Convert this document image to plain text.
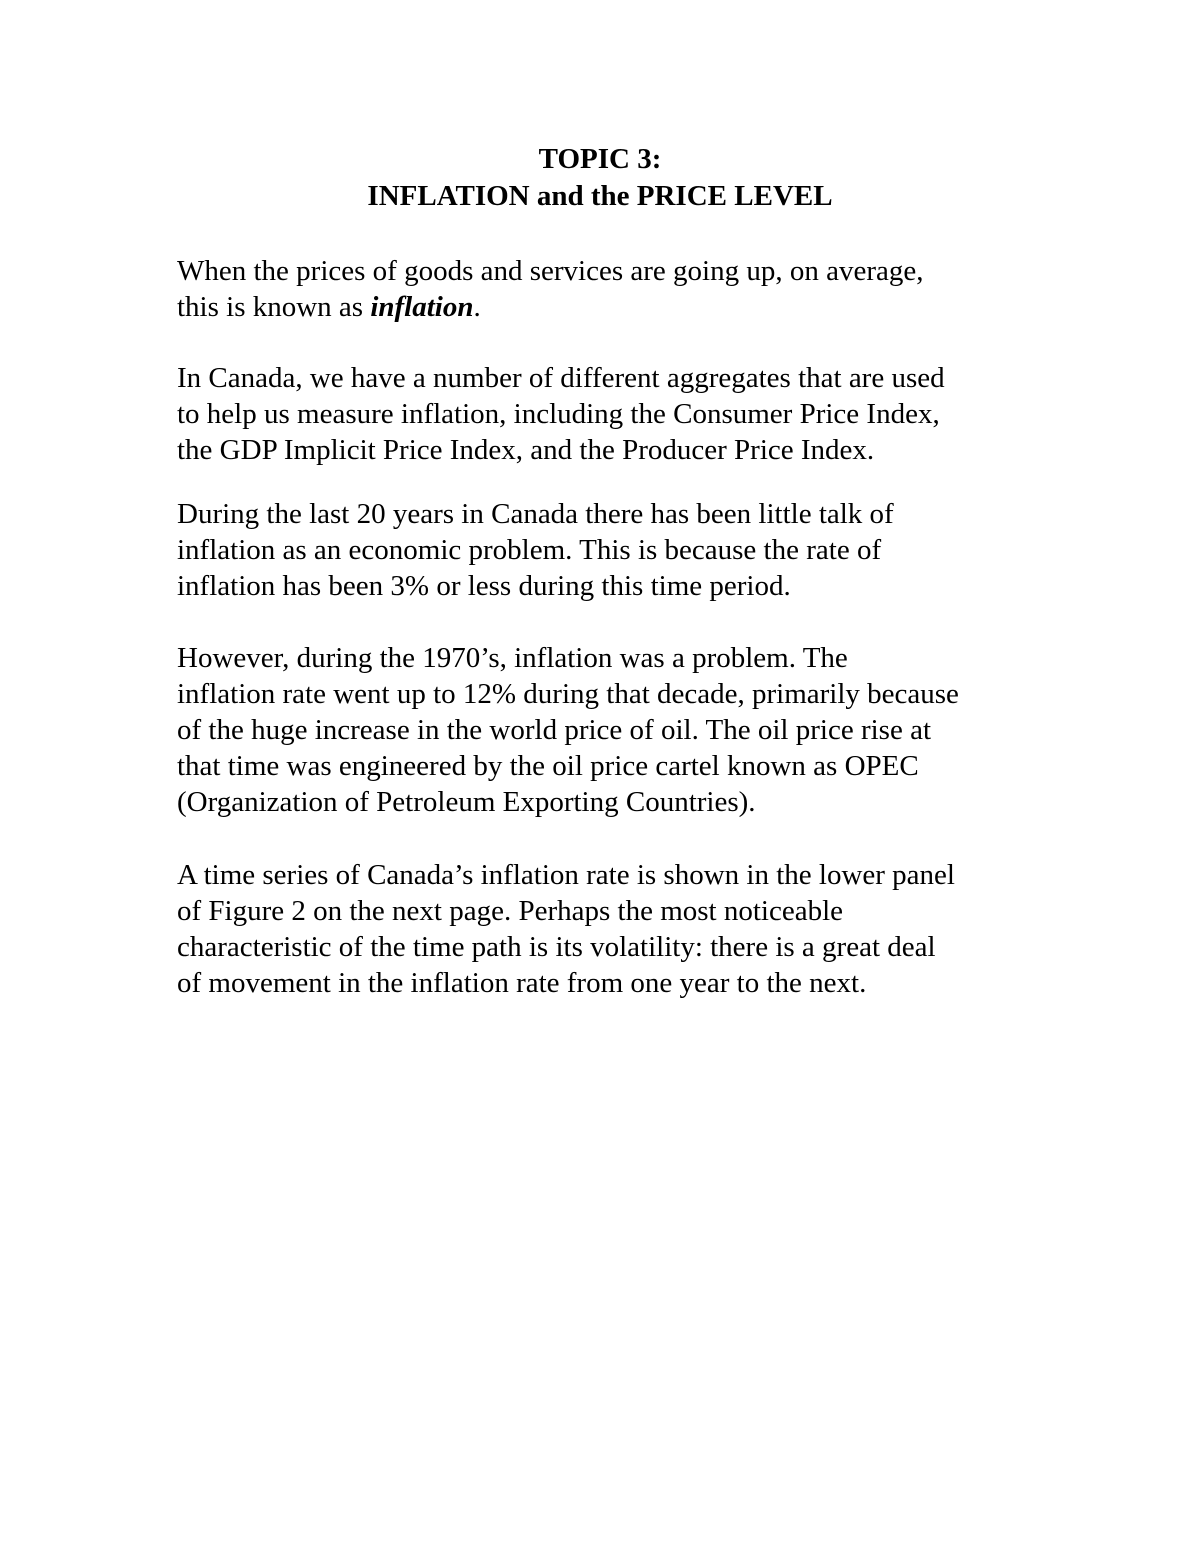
TOPIC 3:
INFLATION and the PRICE LEVEL

When the prices of goods and services are going up, on average,
this is known as inflation.

In Canada, we have a number of different aggregates that are used
to help us measure inflation, including the Consumer Price Index,
the GDP Implicit Price Index, and the Producer Price Index.

During the last 20 years in Canada there has been little talk of
inflation as an economic problem. This is because the rate of
inflation has been 3% or less during this time period.

However, during the 1970’s, inflation was a problem. The
inflation rate went up to 12% during that decade, primarily because
of the huge increase in the world price of oil. The oil price rise at
that time was engineered by the oil price cartel known as OPEC
(Organization of Petroleum Exporting Countries).

A time series of Canada’s inflation rate is shown in the lower panel
of Figure 2 on the next page. Perhaps the most noticeable
characteristic of the time path is its volatility: there is a great deal
of movement in the inflation rate from one year to the next.
